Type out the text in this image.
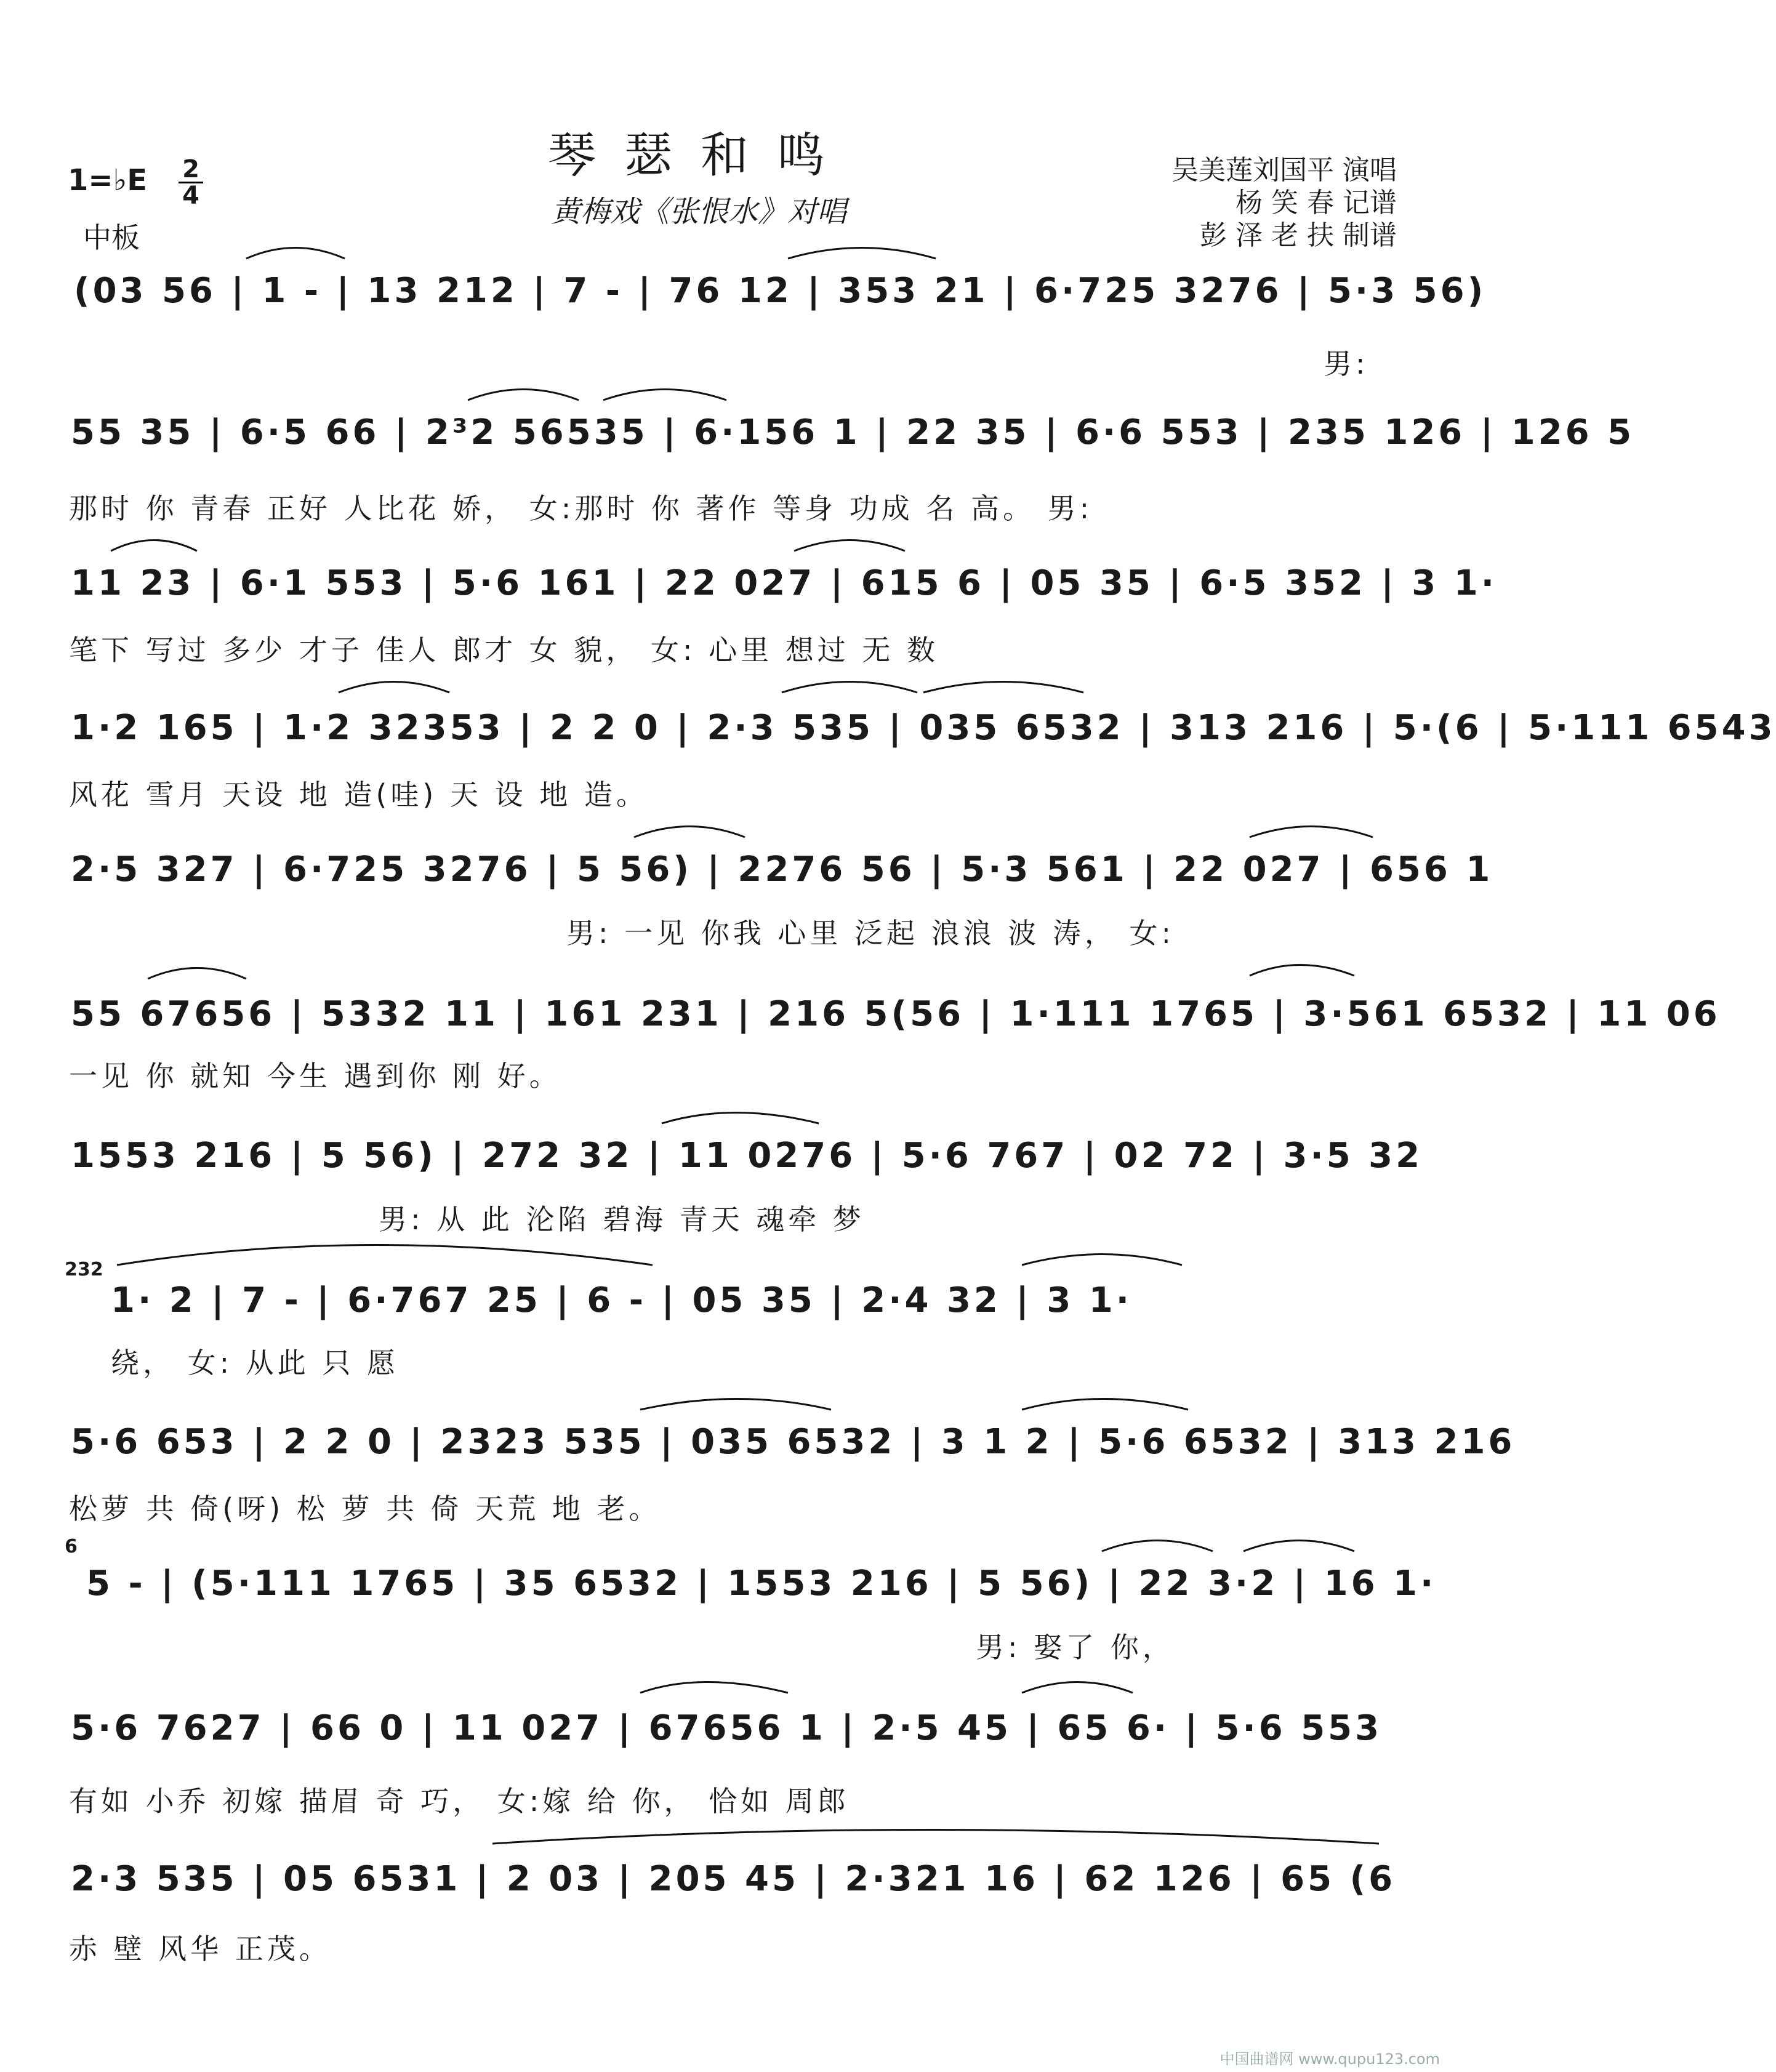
琴瑟和鸣
黄梅戏《张恨水》对唱
1=♭E 2
4
中板
吴美莲刘国平 演唱
杨 笑 春 记谱
彭 泽 老 扶 制谱
(03 56 | 1 - | 13 212 | 7 - | 76 12 | 353 21 | 6·725 3276 | 5·3 56)
男:
55 35 | 6·5 66 | 2³2 56535 | 6·156 1 | 22 35 | 6·6 553 | 235 126 | 126 5
那时 你 青春 正好 人比花 娇， 女:那时 你 著作 等身 功成 名 高。 男:
11 23 | 6·1 553 | 5·6 161 | 22 027 | 615 6 | 05 35 | 6·5 352 | 3 1·
笔下 写过 多少 才子 佳人 郎才 女 貌， 女: 心里 想过 无 数
1·2 165 | 1·2 32353 | 2 2 0 | 2·3 535 | 035 6532 | 313 216 | 5·(6 | 5·111 6543
风花 雪月 天设 地 造(哇) 天 设 地 造。
2·5 327 | 6·725 3276 | 5 56) | 2276 56 | 5·3 561 | 22 027 | 656 1
男: 一见 你我 心里 泛起 浪浪 波 涛， 女:
55 67656 | 5332 11 | 161 231 | 216 5(56 | 1·111 1765 | 3·561 6532 | 11 06
一见 你 就知 今生 遇到你 刚 好。
1553 216 | 5 56) | 272 32 | 11 0276 | 5·6 767 | 02 72 | 3·5 32
男: 从 此 沦陷 碧海 青天 魂牵 梦
232
1· 2 | 7 - | 6·767 25 | 6 - | 05 35 | 2·4 32 | 3 1·
绕， 女: 从此 只 愿
5·6 653 | 2 2 0 | 2323 535 | 035 6532 | 3 1 2 | 5·6 6532 | 313 216
松萝 共 倚(呀) 松 萝 共 倚 天荒 地 老。
6
5 - | (5·111 1765 | 35 6532 | 1553 216 | 5 56) | 22 3·2 | 16 1·
男: 娶了 你，
5·6 7627 | 66 0 | 11 027 | 67656 1 | 2·5 45 | 65 6· | 5·6 553
有如 小乔 初嫁 描眉 奇 巧， 女:嫁 给 你， 恰如 周郎
2·3 535 | 05 6531 | 2 03 | 205 45 | 2·321 16 | 62 126 | 65 (6
赤 壁 风华 正茂。
中国曲谱网 www.qupu123.com
